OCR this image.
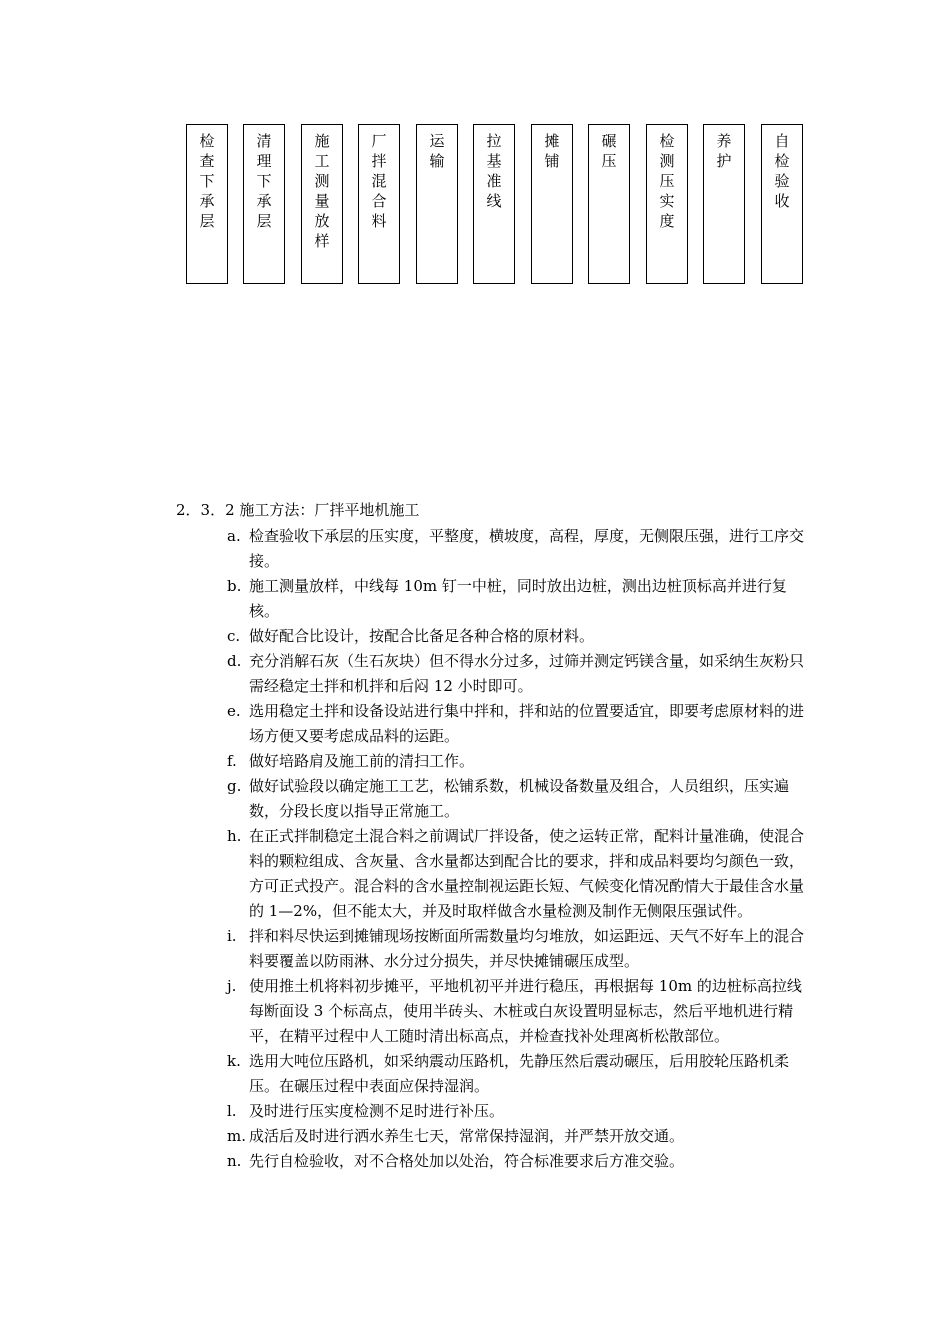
检
查
下
承
层
清
理
下
承
层
施
工
测
量
放
样
厂
拌
混
合
料
运
输
拉
基
准
线
摊
铺
碾
压
检
测
压
实
度
养
护
自
检
验
收
2．3．2 施工方法：厂拌平地机施工
a. 检查验收下承层的压实度，平整度，横坡度，高程，厚度，无侧限压强，进行工序交接。
b. 施工测量放样，中线每 10m 钉一中桩，同时放出边桩，测出边桩顶标高并进行复核。
c. 做好配合比设计，按配合比备足各种合格的原材料。
d. 充分消解石灰（生石灰块）但不得水分过多，过筛并测定钙镁含量，如采纳生灰粉只需经稳定土拌和机拌和后闷 12 小时即可。
e. 选用稳定土拌和设备设站进行集中拌和，拌和站的位置要适宜，即要考虑原材料的进场方便又要考虑成品料的运距。
f. 做好培路肩及施工前的清扫工作。
g. 做好试验段以确定施工工艺，松铺系数，机械设备数量及组合，人员组织，压实遍数，分段长度以指导正常施工。
h. 在正式拌制稳定土混合料之前调试厂拌设备，使之运转正常，配料计量准确，使混合料的颗粒组成、含灰量、含水量都达到配合比的要求，拌和成品料要均匀颜色一致，方可正式投产。混合料的含水量控制视运距长短、气候变化情况酌情大于最佳含水量的 1—2%，但不能太大，并及时取样做含水量检测及制作无侧限压强试件。
i. 拌和料尽快运到摊铺现场按断面所需数量均匀堆放，如运距远、天气不好车上的混合料要覆盖以防雨淋、水分过分损失，并尽快摊铺碾压成型。
j. 使用推土机将料初步摊平，平地机初平并进行稳压，再根据每 10m 的边桩标高拉线每断面设 3 个标高点，使用半砖头、木桩或白灰设置明显标志，然后平地机进行精平，在精平过程中人工随时清出标高点，并检查找补处理离析松散部位。
k. 选用大吨位压路机，如采纳震动压路机，先静压然后震动碾压，后用胶轮压路机柔压。在碾压过程中表面应保持湿润。
l. 及时进行压实度检测不足时进行补压。
m. 成活后及时进行洒水养生七天，常常保持湿润，并严禁开放交通。
n. 先行自检验收，对不合格处加以处治，符合标准要求后方准交验。
